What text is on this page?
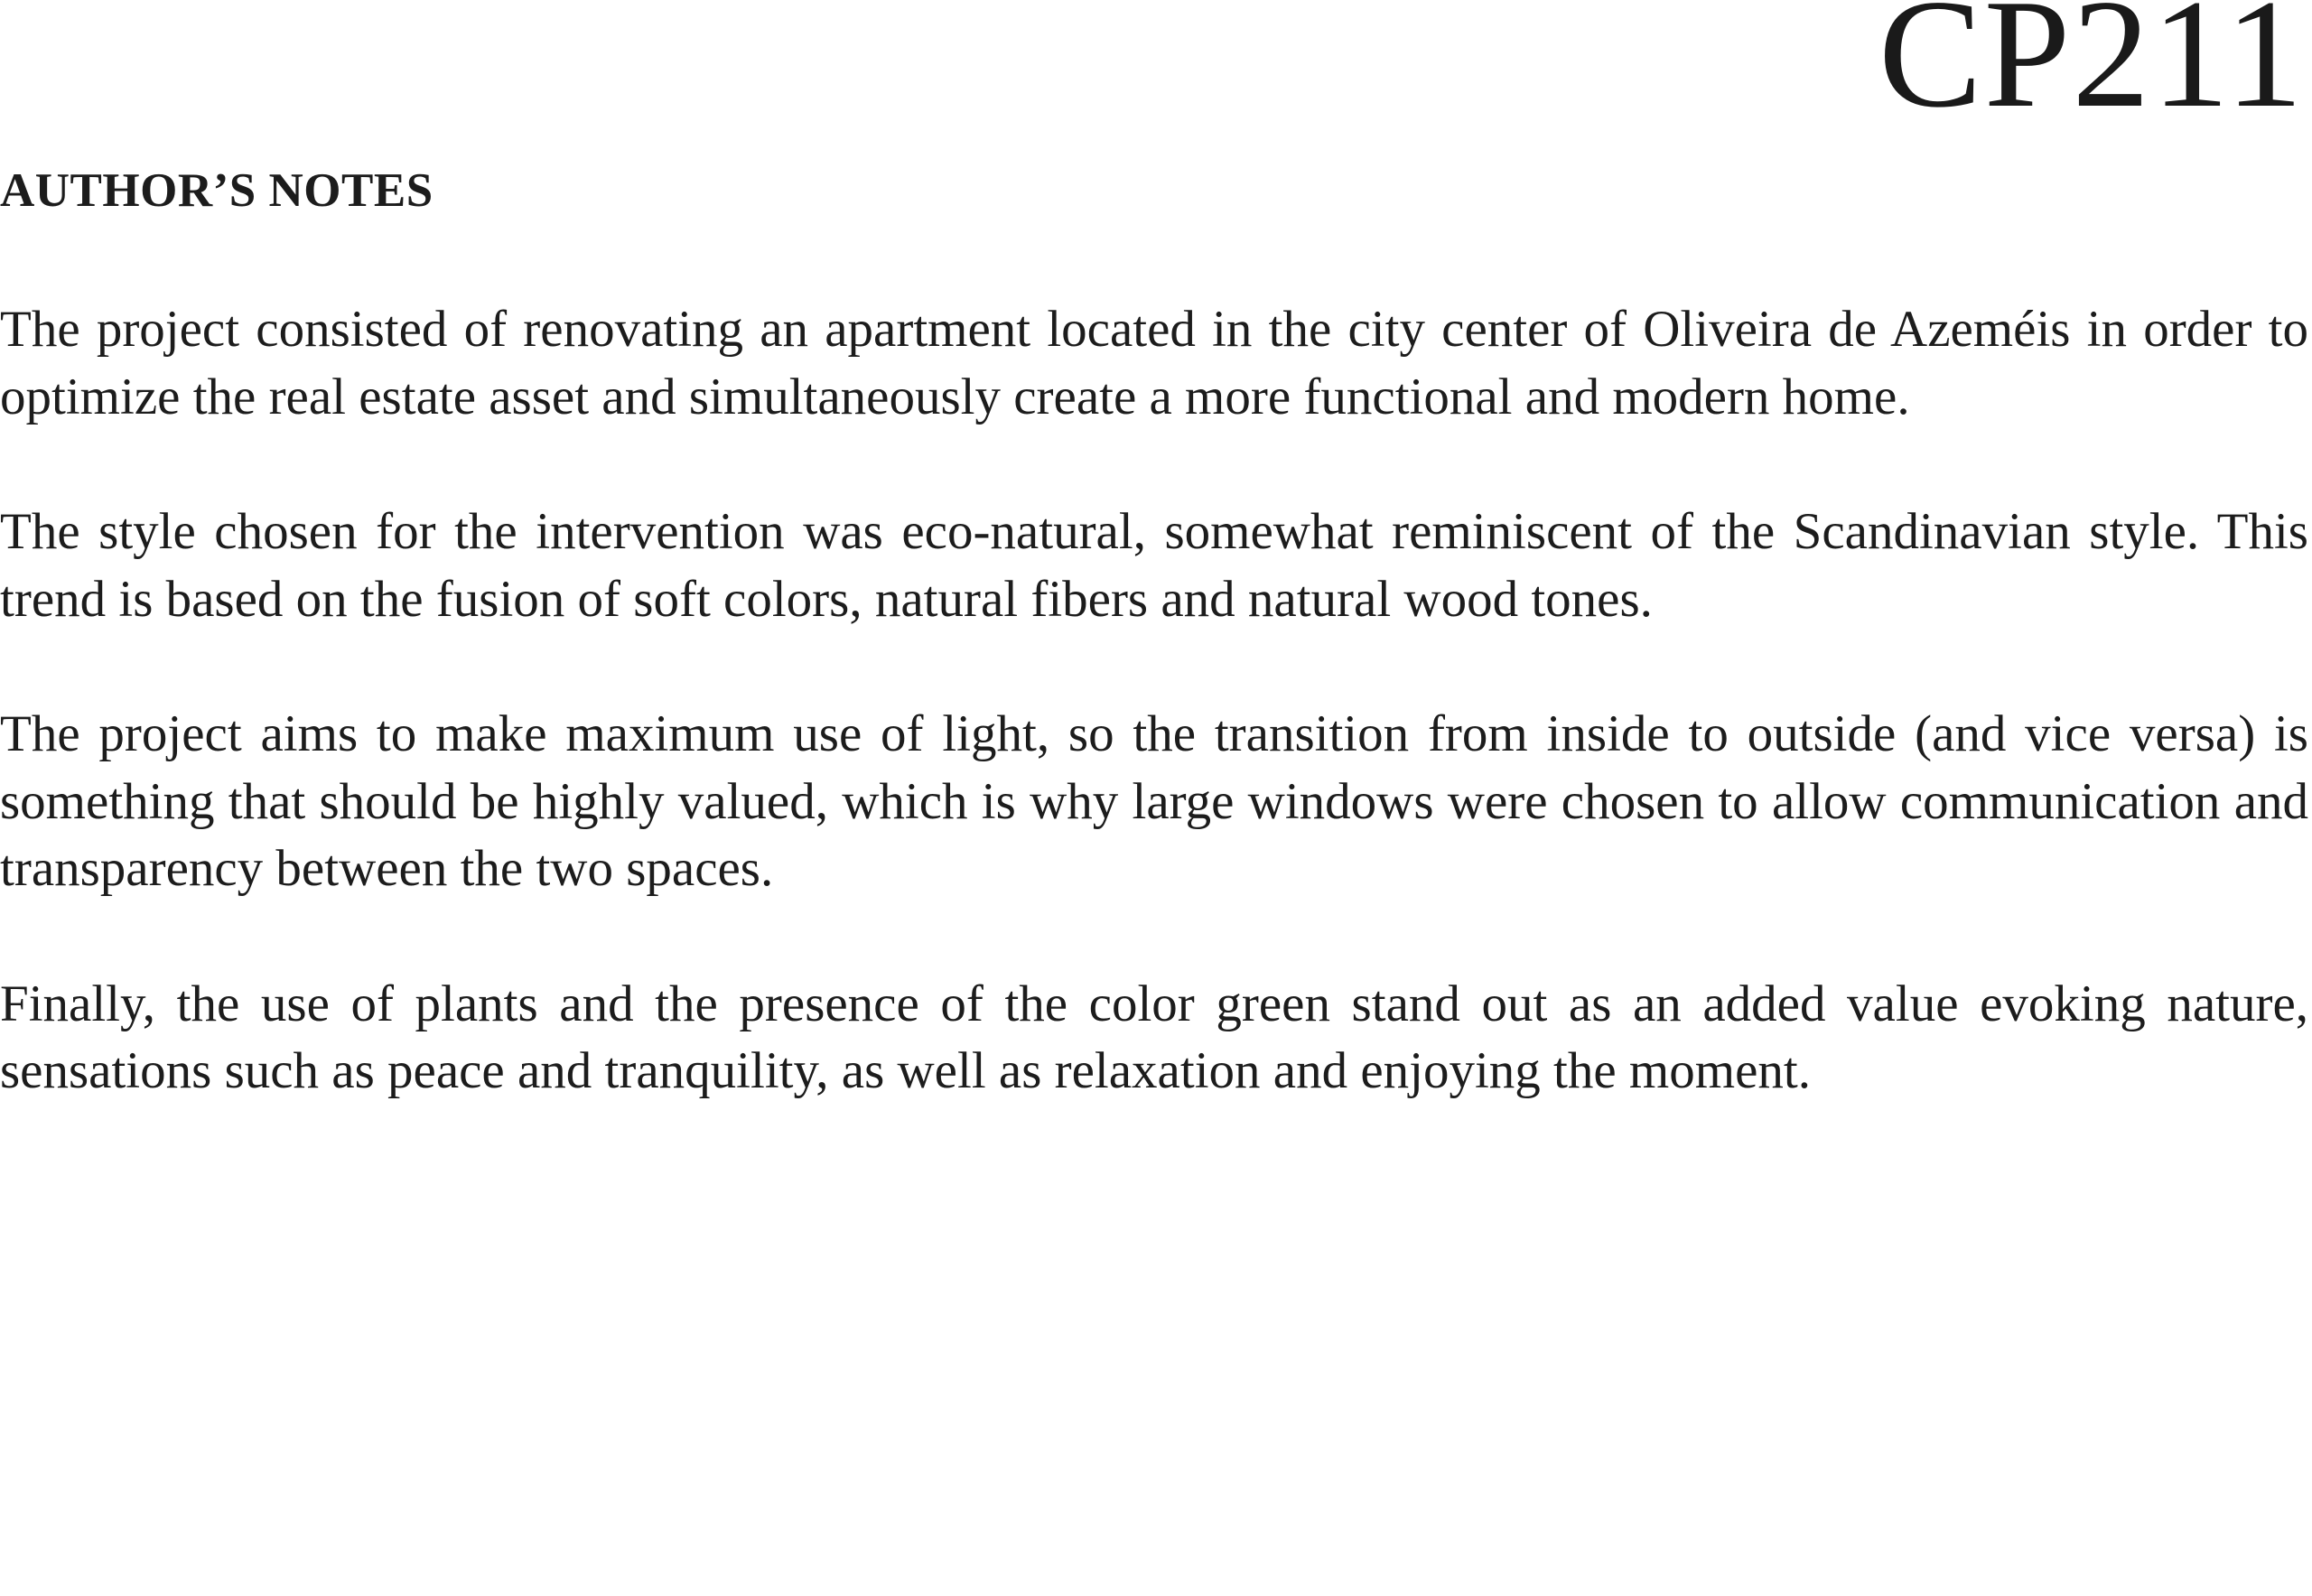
CP211
AUTHOR’S NOTES

The project consisted of renovating an apartment located in the city center of Oliveira de Azeméis in order to optimize the real estate asset and simultaneously create a more functional and modern home.

The style chosen for the intervention was eco-natural, somewhat reminiscent of the Scandinavian style. This trend is based on the fusion of soft colors, natural fibers and natural wood tones.

The project aims to make maximum use of light, so the transition from inside to outside (and vice versa) is something that should be highly valued, which is why large windows were chosen to allow communication and transparency between the two spaces.

Finally, the use of plants and the presence of the color green stand out as an added value evoking nature, sensations such as peace and tranquility, as well as relaxation and enjoying the moment.
